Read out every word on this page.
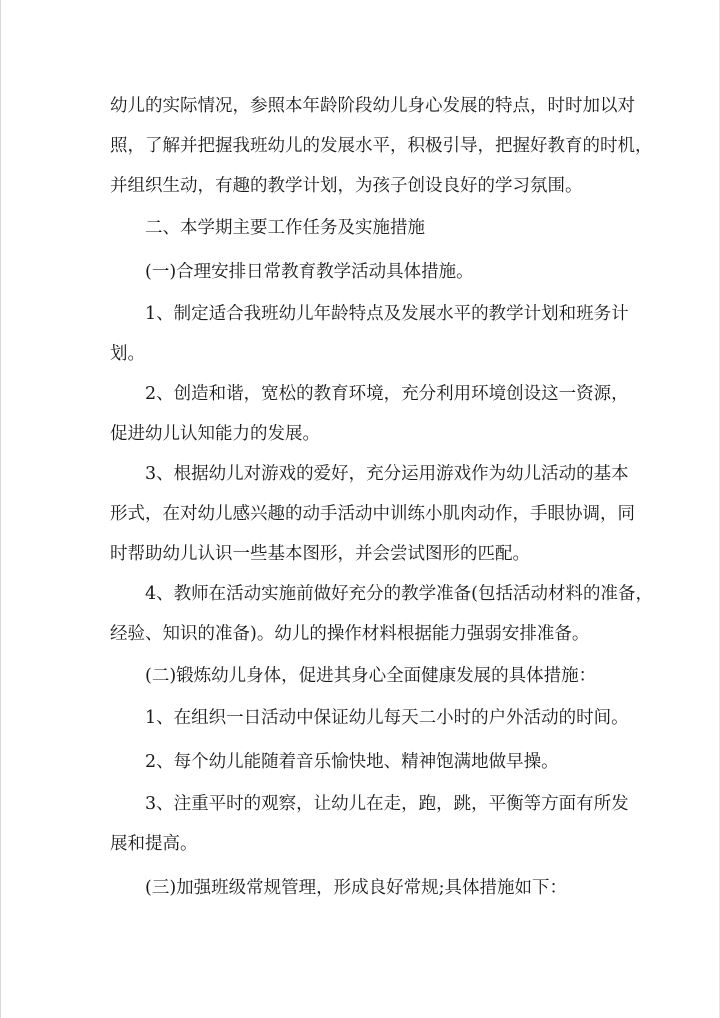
幼儿的实际情况，参照本年龄阶段幼儿身心发展的特点，时时加以对
照，了解并把握我班幼儿的发展水平，积极引导，把握好教育的时机，
并组织生动，有趣的教学计划，为孩子创设良好的学习氛围。
二、本学期主要工作任务及实施措施
(一)合理安排日常教育教学活动具体措施。
1、制定适合我班幼儿年龄特点及发展水平的教学计划和班务计
划。
2、创造和谐，宽松的教育环境，充分利用环境创设这一资源，
促进幼儿认知能力的发展。
3、根据幼儿对游戏的爱好，充分运用游戏作为幼儿活动的基本
形式，在对幼儿感兴趣的动手活动中训练小肌肉动作，手眼协调，同
时帮助幼儿认识一些基本图形，并会尝试图形的匹配。
4、教师在活动实施前做好充分的教学准备(包括活动材料的准备，
经验、知识的准备)。幼儿的操作材料根据能力强弱安排准备。
(二)锻炼幼儿身体，促进其身心全面健康发展的具体措施：
1、在组织一日活动中保证幼儿每天二小时的户外活动的时间。
2、每个幼儿能随着音乐愉快地、精神饱满地做早操。
3、注重平时的观察，让幼儿在走，跑，跳，平衡等方面有所发
展和提高。
(三)加强班级常规管理，形成良好常规;具体措施如下：
